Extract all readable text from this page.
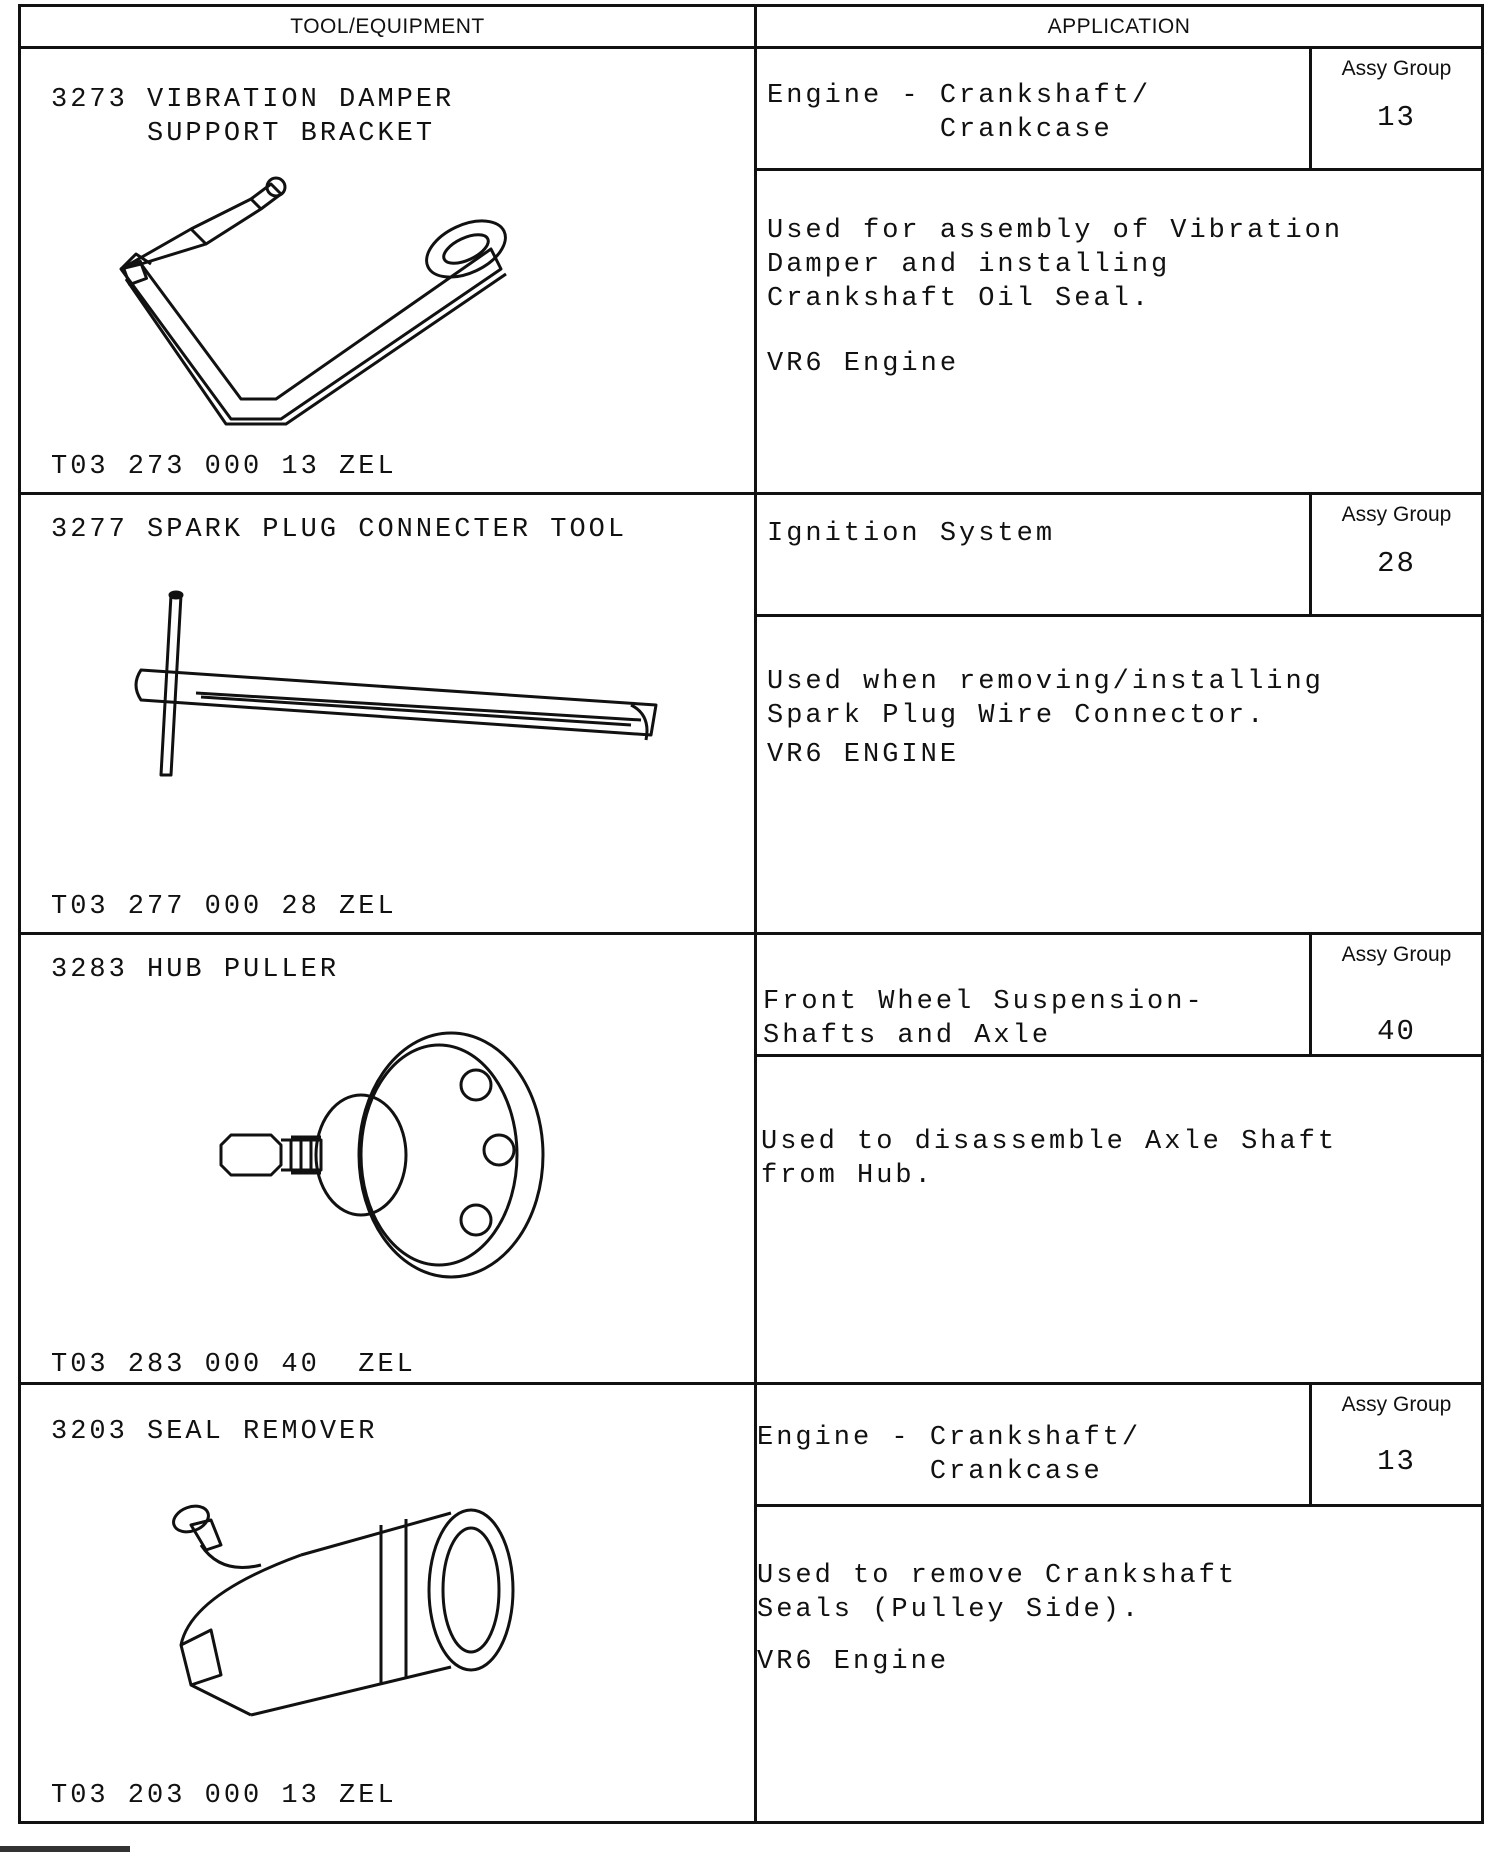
TOOL/EQUIPMENT	APPLICATION
3273 VIBRATION DAMPER
SUPPORT BRACKET
T03 273 000 13 ZEL
Engine - Crankshaft/
Crankcase
Assy Group
13
Used for assembly of Vibration
Damper and installing
Crankshaft Oil Seal.
VR6 Engine
3277 SPARK PLUG CONNECTER TOOL
T03 277 000 28 ZEL
Ignition System
Assy Group
28
Used when removing/installing
Spark Plug Wire Connector.
VR6 ENGINE
3283 HUB PULLER
T03 283 000 40  ZEL
Front Wheel Suspension-
Shafts and Axle
Assy Group
40
Used to disassemble Axle Shaft
from Hub.
3203 SEAL REMOVER
T03 203 000 13 ZEL
Engine - Crankshaft/
Crankcase
Assy Group
13
Used to remove Crankshaft
Seals (Pulley Side).
VR6 Engine
